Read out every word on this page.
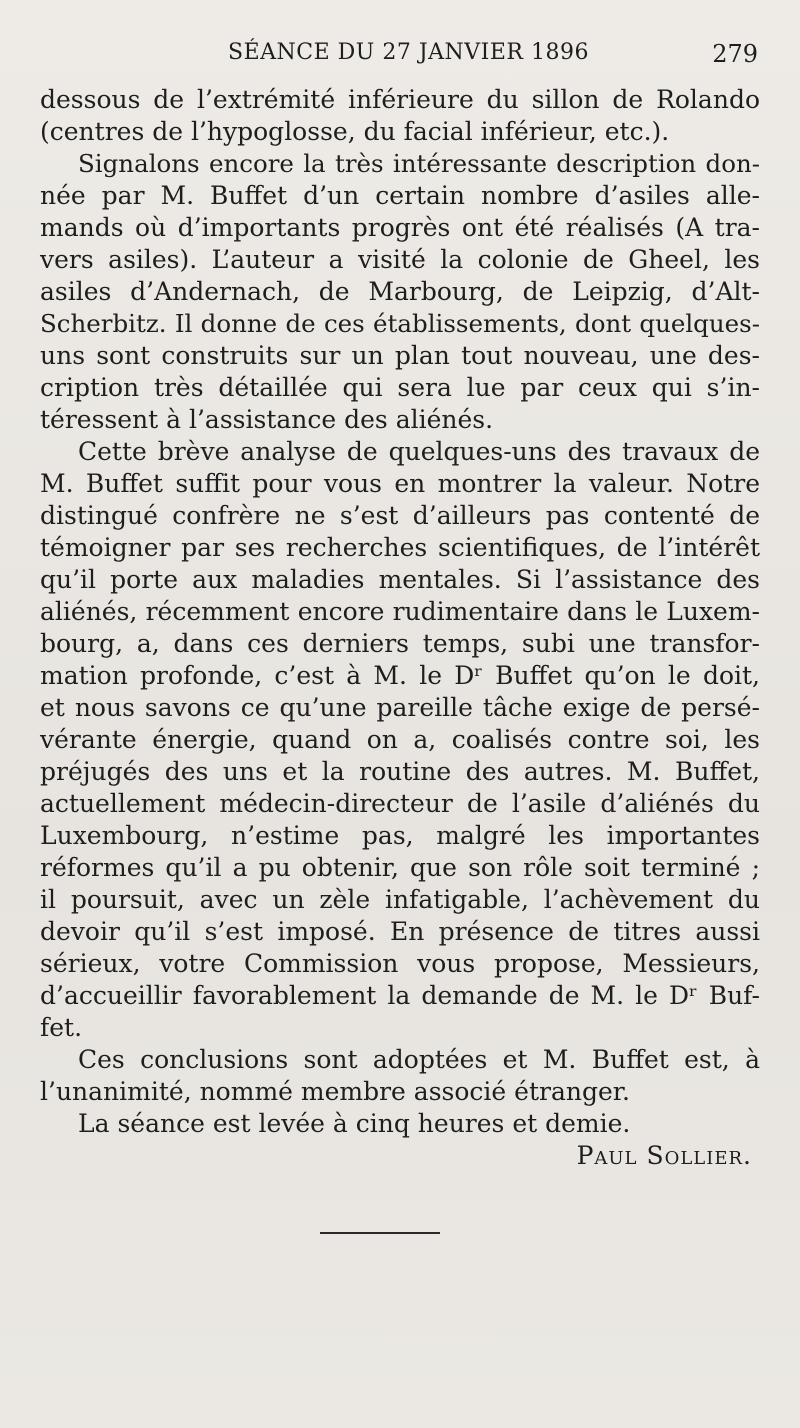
SÉANCE DU 27 JANVIER 1896	279
dessous de l’extrémité inférieure du sillon de Rolando
(centres de l’hypoglosse, du facial inférieur, etc.).
Signalons encore la très intéressante description don-
née par M. Buffet d’un certain nombre d’asiles alle-
mands où d’importants progrès ont été réalisés (A tra-
vers asiles). L’auteur a visité la colonie de Gheel, les
asiles d’Andernach, de Marbourg, de Leipzig, d’Alt-
Scherbitz. Il donne de ces établissements, dont quelques-
uns sont construits sur un plan tout nouveau, une des-
cription très détaillée qui sera lue par ceux qui s’in-
téressent à l’assistance des aliénés.
Cette brève analyse de quelques-uns des travaux de
M. Buffet suffit pour vous en montrer la valeur. Notre
distingué confrère ne s’est d’ailleurs pas contenté de
témoigner par ses recherches scientifiques, de l’intérêt
qu’il porte aux maladies mentales. Si l’assistance des
aliénés, récemment encore rudimentaire dans le Luxem-
bourg, a, dans ces derniers temps, subi une transfor-
mation profonde, c’est à M. le Dʳ Buffet qu’on le doit,
et nous savons ce qu’une pareille tâche exige de persé-
vérante énergie, quand on a, coalisés contre soi, les
préjugés des uns et la routine des autres. M. Buffet,
actuellement médecin-directeur de l’asile d’aliénés du
Luxembourg, n’estime pas, malgré les importantes
réformes qu’il a pu obtenir, que son rôle soit terminé ;
il poursuit, avec un zèle infatigable, l’achèvement du
devoir qu’il s’est imposé. En présence de titres aussi
sérieux, votre Commission vous propose, Messieurs,
d’accueillir favorablement la demande de M. le Dʳ Buf-
fet.
Ces conclusions sont adoptées et M. Buffet est, à
l’unanimité, nommé membre associé étranger.
La séance est levée à cinq heures et demie.
Paul Sollier.
